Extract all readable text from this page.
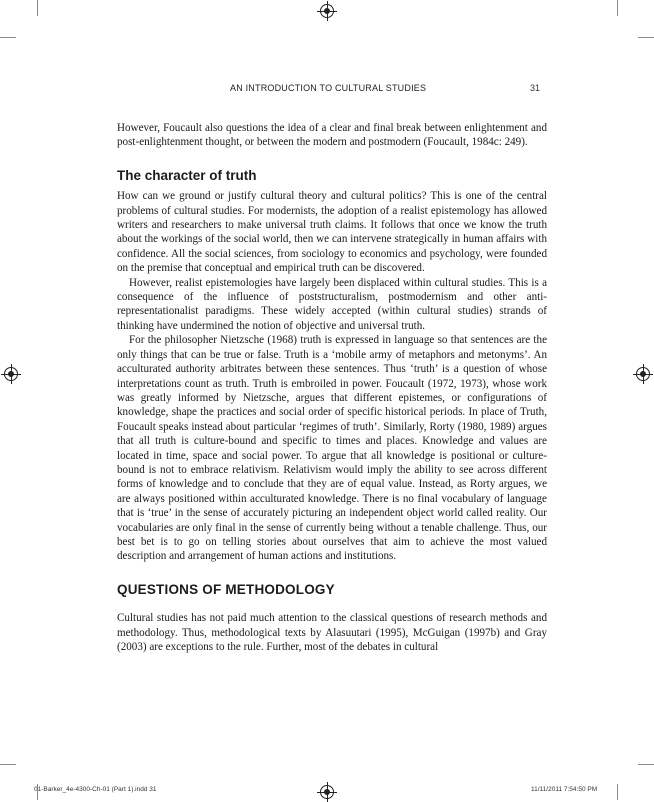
AN INTRODUCTION TO CULTURAL STUDIES	31

However, Foucault also questions the idea of a clear and final break between enlightenment and post-enlightenment thought, or between the modern and postmodern (Foucault, 1984c: 249).

The character of truth

How can we ground or justify cultural theory and cultural politics? This is one of the central problems of cultural studies. For modernists, the adoption of a realist epistemology has allowed writers and researchers to make universal truth claims. It follows that once we know the truth about the workings of the social world, then we can intervene strategically in human affairs with confidence. All the social sciences, from sociology to economics and psychology, were founded on the premise that conceptual and empirical truth can be discovered.

However, realist epistemologies have largely been displaced within cultural studies. This is a consequence of the influence of poststructuralism, postmodernism and other anti-representationalist paradigms. These widely accepted (within cultural studies) strands of thinking have undermined the notion of objective and universal truth.

For the philosopher Nietzsche (1968) truth is expressed in language so that sentences are the only things that can be true or false. Truth is a ‘mobile army of metaphors and metonyms’. An acculturated authority arbitrates between these sentences. Thus ‘truth’ is a question of whose interpretations count as truth. Truth is embroiled in power. Foucault (1972, 1973), whose work was greatly informed by Nietzsche, argues that different epistemes, or configurations of knowledge, shape the practices and social order of specific historical periods. In place of Truth, Foucault speaks instead about particular ‘regimes of truth’. Similarly, Rorty (1980, 1989) argues that all truth is culture-bound and specific to times and places. Knowledge and values are located in time, space and social power. To argue that all knowledge is positional or culture-bound is not to embrace relativism. Relativism would imply the ability to see across different forms of knowledge and to conclude that they are of equal value. Instead, as Rorty argues, we are always positioned within acculturated knowledge. There is no final vocabulary of language that is ‘true’ in the sense of accurately picturing an independent object world called reality. Our vocabularies are only final in the sense of currently being without a tenable challenge. Thus, our best bet is to go on telling stories about ourselves that aim to achieve the most valued description and arrangement of human actions and institutions.

QUESTIONS OF METHODOLOGY

Cultural studies has not paid much attention to the classical questions of research methods and methodology. Thus, methodological texts by Alasuutari (1995), McGuigan (1997b) and Gray (2003) are exceptions to the rule. Further, most of the debates in cultural

01-Barker_4e-4300-Ch-01 (Part 1).indd 31	11/11/2011 7:54:50 PM
